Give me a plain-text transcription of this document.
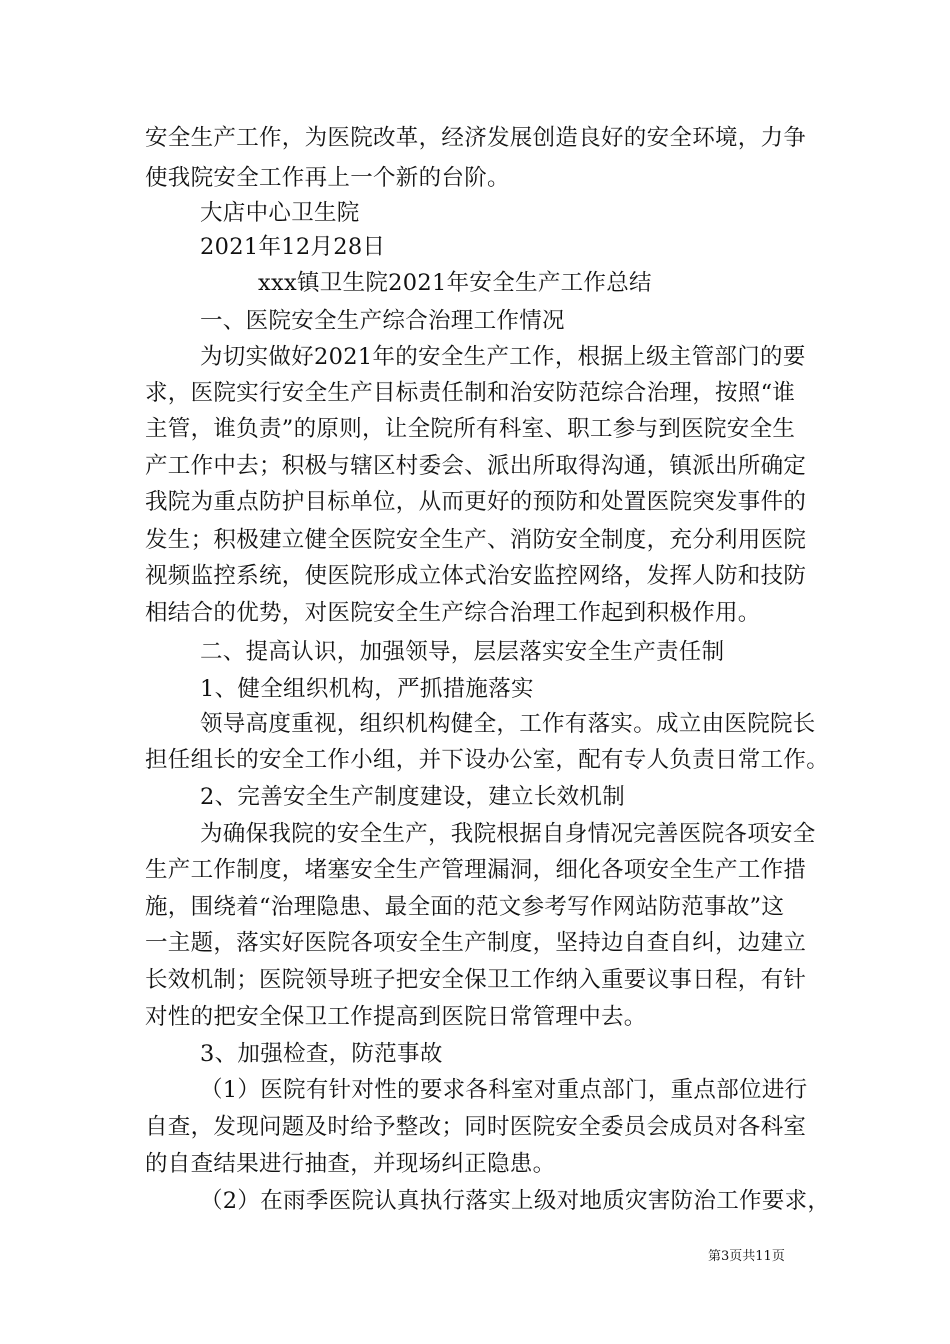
安全生产工作，为医院改革，经济发展创造良好的安全环境，力争
使我院安全工作再上一个新的台阶。
大店中心卫生院
2021年12月28日
xxx镇卫生院2021年安全生产工作总结
一、医院安全生产综合治理工作情况
为切实做好2021年的安全生产工作，根据上级主管部门的要
求，医院实行安全生产目标责任制和治安防范综合治理，按照“谁
主管，谁负责”的原则，让全院所有科室、职工参与到医院安全生
产工作中去；积极与辖区村委会、派出所取得沟通，镇派出所确定
我院为重点防护目标单位，从而更好的预防和处置医院突发事件的
发生；积极建立健全医院安全生产、消防安全制度，充分利用医院
视频监控系统，使医院形成立体式治安监控网络，发挥人防和技防
相结合的优势，对医院安全生产综合治理工作起到积极作用。
二、提高认识，加强领导，层层落实安全生产责任制
1、健全组织机构，严抓措施落实
领导高度重视，组织机构健全，工作有落实。成立由医院院长
担任组长的安全工作小组，并下设办公室，配有专人负责日常工作。
2、完善安全生产制度建设，建立长效机制
为确保我院的安全生产，我院根据自身情况完善医院各项安全
生产工作制度，堵塞安全生产管理漏洞，细化各项安全生产工作措
施，围绕着“治理隐患、最全面的范文参考写作网站防范事故”这
一主题，落实好医院各项安全生产制度，坚持边自查自纠，边建立
长效机制；医院领导班子把安全保卫工作纳入重要议事日程，有针
对性的把安全保卫工作提高到医院日常管理中去。
3、加强检查，防范事故
（1）医院有针对性的要求各科室对重点部门，重点部位进行
自查，发现问题及时给予整改；同时医院安全委员会成员对各科室
的自查结果进行抽查，并现场纠正隐患。
（2）在雨季医院认真执行落实上级对地质灾害防治工作要求，
第3页共11页
